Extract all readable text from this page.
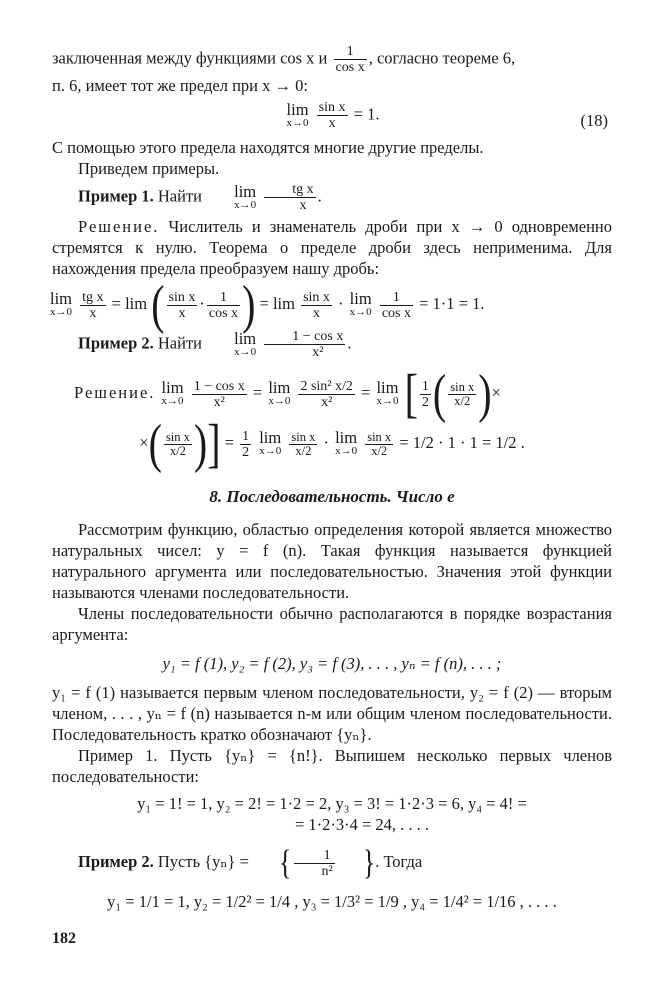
заключенная между функциями cos x и $\frac{1}{\text{cos x}}$ , согласно теореме 6,

п. 6, имеет тот же предел при x → 0:

lim
x→0
$\frac{\text{sin x}}{x} = 1$.	(18)

С помощью этого предела находятся многие другие пределы.

Приведем примеры.

Пример 1. Найти	lim
x→0
$\frac{\text{tg x}}{x}$ .

Решение. Числитель и знаменатель дроби при x → 0 одновременно стремятся к нулю. Теорема о пределе дроби здесь неприменима. Для нахождения предела преобразуем нашу дробь:

lim
x→0
$\frac{\text{tg x}}{x} = \lim$ ( $\frac{\text{sin x}}{x} \cdot \frac{1}{\text{cos x}}$ ) = $\lim \frac{\text{sin x}}{x} \cdot \lim$
x→0
$\frac{1}{\text{cos x}} = 1\cdot 1 = 1$.

Пример 2. Найти	lim
x→0
$\frac{\text{1 − cos x}}{\text{x²}}$ .

Решение. lim
x→0
$\frac{\text{1 − cos x}}{\text{x²}} = \lim$
x→0
$\frac{\text{2 sin² x/2}}{\text{x²}} = \lim$
x→0 [ $\frac{1}{2}$ ( $\frac{\text{sin x}}{x/2}$ )×
×( $\frac{\text{sin x}}{x/2}$ )] = $\frac{1}{2}$
lim
x→0
$\frac{\text{sin x}}{x/2} \cdot \lim$
x→0
$\frac{\text{sin x}}{x/2} = 1/2 \cdot 1 \cdot 1 = 1/2$ .
8. Последовательность. Число e

Рассмотрим функцию, областью определения которой является множество натуральных чисел: y = f (n). Такая функция называется функцией натурального аргумента или последовательностью. Значения этой функции называются членами последовательности.

Члены последовательности обычно располагаются в порядке возрастания аргумента:

y₁ = f (1), y₂ = f (2), y₃ = f (3), . . . , yₙ = f (n), . . . ;

y₁ = f (1) называется первым членом последовательности, y₂ = f (2) — вторым членом, . . . , yₙ = f (n) называется n-м или общим членом последовательности. Последовательность кратко обозначают {yₙ}.

Пример 1. Пусть {yₙ} = {n!}. Выпишем несколько первых членов последовательности:

y₁ = 1! = 1, y₂ = 2! = 1·2 = 2, y₃ = 3! = 1·2·3 = 6, y₄ = 4! =

= 1·2·3·4 = 24, . . . .

Пример 2. Пусть {yₙ} = { $\frac{1}{\text{n²}}$ }. Тогда

y₁ = 1/1 = 1, y₂ = 1/2² = 1/4 , y₃ = 1/3² = 1/9 , y₄ = 1/4² = 1/16 , . . . .

182
